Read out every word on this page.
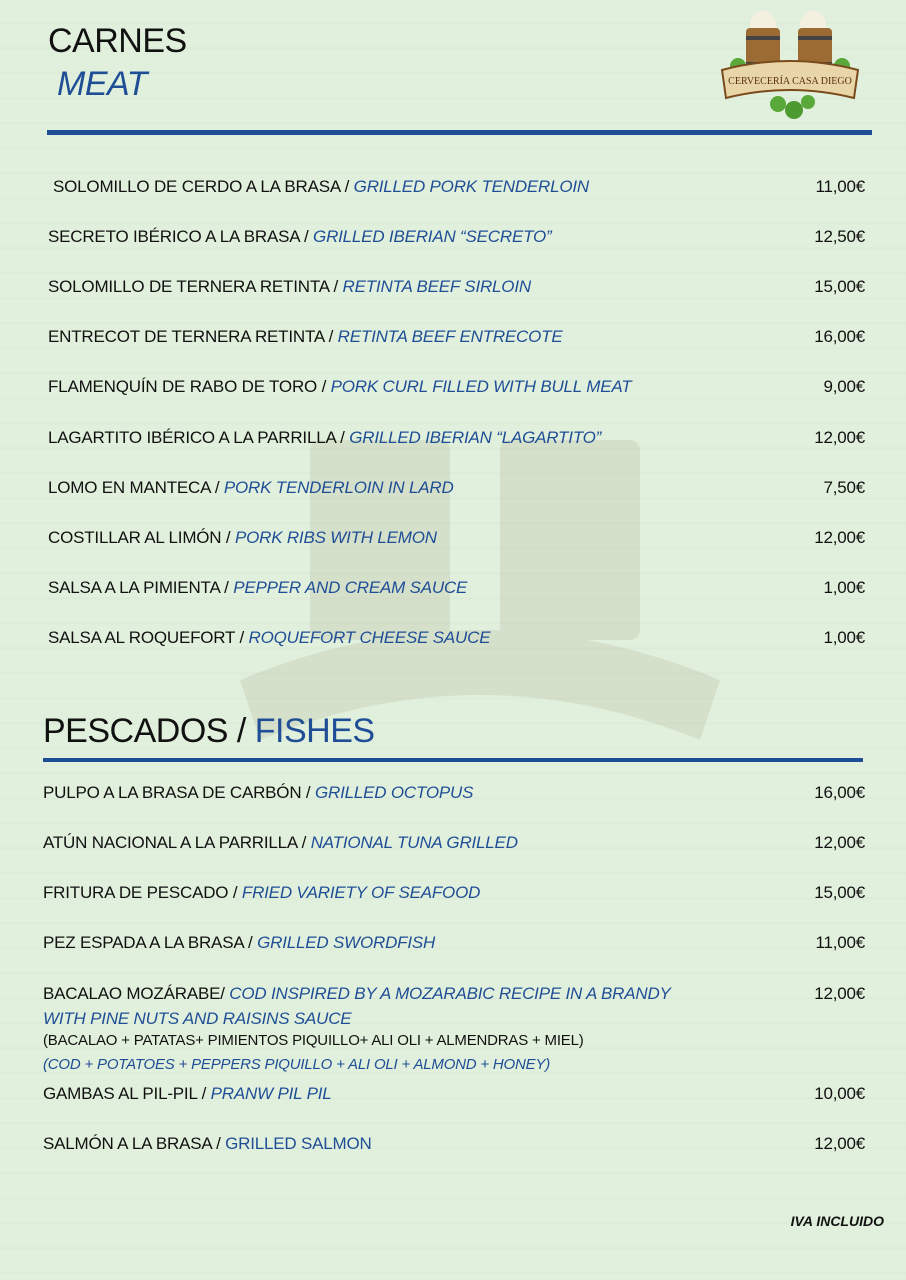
CARNES
MEAT	CERVECERÍA CASA DIEGO
SOLOMILLO DE CERDO A LA BRASA / GRILLED PORK TENDERLOIN	11,00€
SECRETO IBÉRICO A LA BRASA / GRILLED IBERIAN “SECRETO”	12,50€
SOLOMILLO DE TERNERA RETINTA / RETINTA BEEF SIRLOIN	15,00€
ENTRECOT DE TERNERA RETINTA / RETINTA BEEF ENTRECOTE	16,00€
FLAMENQUÍN DE RABO DE TORO / PORK CURL FILLED WITH BULL MEAT	9,00€
LAGARTITO IBÉRICO A LA PARRILLA / GRILLED IBERIAN “LAGARTITO”	12,00€
LOMO EN MANTECA / PORK TENDERLOIN IN LARD	7,50€
COSTILLAR AL LIMÓN / PORK RIBS WITH LEMON	12,00€
SALSA A LA PIMIENTA / PEPPER AND CREAM SAUCE	1,00€
SALSA AL ROQUEFORT / ROQUEFORT CHEESE SAUCE	1,00€
PESCADOS / FISHES
PULPO A LA BRASA DE CARBÓN / GRILLED OCTOPUS	16,00€
ATÚN NACIONAL A LA PARRILLA / NATIONAL TUNA GRILLED	12,00€
FRITURA DE PESCADO / FRIED VARIETY OF SEAFOOD	15,00€
PEZ ESPADA A LA BRASA / GRILLED SWORDFISH	11,00€
BACALAO MOZÁRABE/ COD INSPIRED BY A MOZARABIC RECIPE IN A BRANDY	12,00€
WITH PINE NUTS AND RAISINS SAUCE
(BACALAO + PATATAS+ PIMIENTOS PIQUILLO+ ALI OLI + ALMENDRAS + MIEL)
(COD + POTATOES + PEPPERS PIQUILLO + ALI OLI + ALMOND + HONEY)
GAMBAS AL PIL-PIL / PRANW PIL PIL	10,00€
SALMÓN A LA BRASA / GRILLED SALMON	12,00€
IVA INCLUIDO
